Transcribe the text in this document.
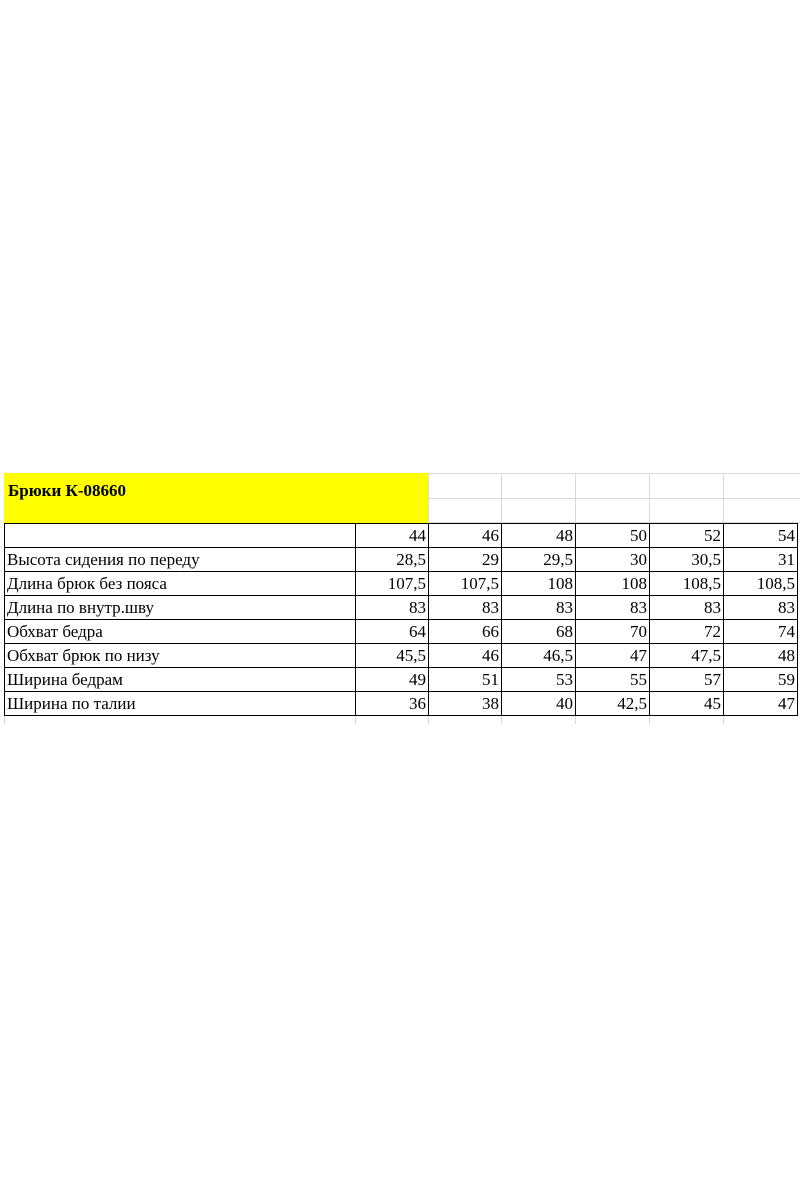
Брюки К-08660
	44	46	48	50	52	54
Высота сидения по переду	28,5	29	29,5	30	30,5	31
Длина брюк без пояса	107,5	107,5	108	108	108,5	108,5
Длина по внутр.шву	83	83	83	83	83	83
Обхват бедра	64	66	68	70	72	74
Обхват брюк по низу	45,5	46	46,5	47	47,5	48
Ширина бедрам	49	51	53	55	57	59
Ширина по талии	36	38	40	42,5	45	47
